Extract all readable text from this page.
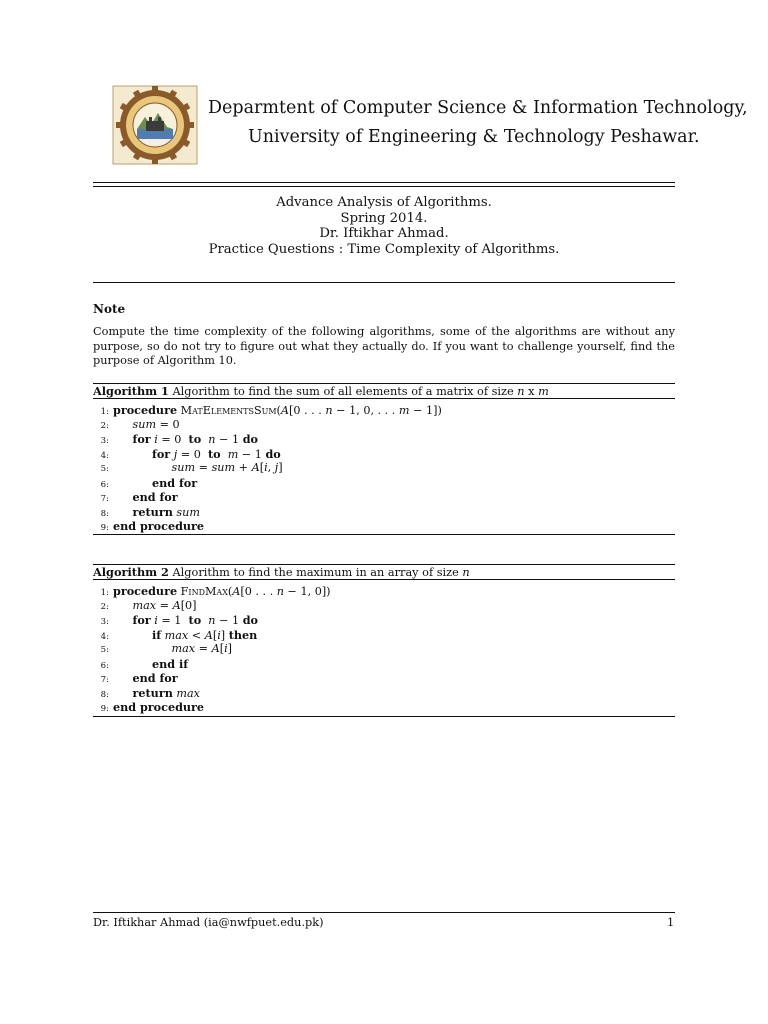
Deparmtent of Computer Science & Information Technology,
University of Engineering & Technology Peshawar.
Advance Analysis of Algorithms.
Spring 2014.
Dr. Iftikhar Ahmad.
Practice Questions : Time Complexity of Algorithms.
Note
Compute the time complexity of the following algorithms, some of the algorithms are without any purpose, so do not try to figure out what they actually do. If you want to challenge yourself, find the purpose of Algorithm 10.
Algorithm 1 Algorithm to find the sum of all elements of a matrix of size n x m
1: procedure MatElementsSum(A[0 . . . n − 1, 0, . . . m − 1])
2: sum = 0
3: for i = 0  to n − 1 do
4:	for j = 0  to m − 1 do
5:	sum = sum + A[i, j]
6:	end for
7: end for
8: return sum
9: end procedure
Algorithm 2 Algorithm to find the maximum in an array of size n
1: procedure FindMax(A[0 . . . n − 1, 0])
2: max = A[0]
3: for i = 1  to n − 1 do
4:	if max < A[i] then
5:	max = A[i]
6:	end if
7: end for
8: return max
9: end procedure
Dr. Iftikhar Ahmad (ia@nwfpuet.edu.pk)	1
